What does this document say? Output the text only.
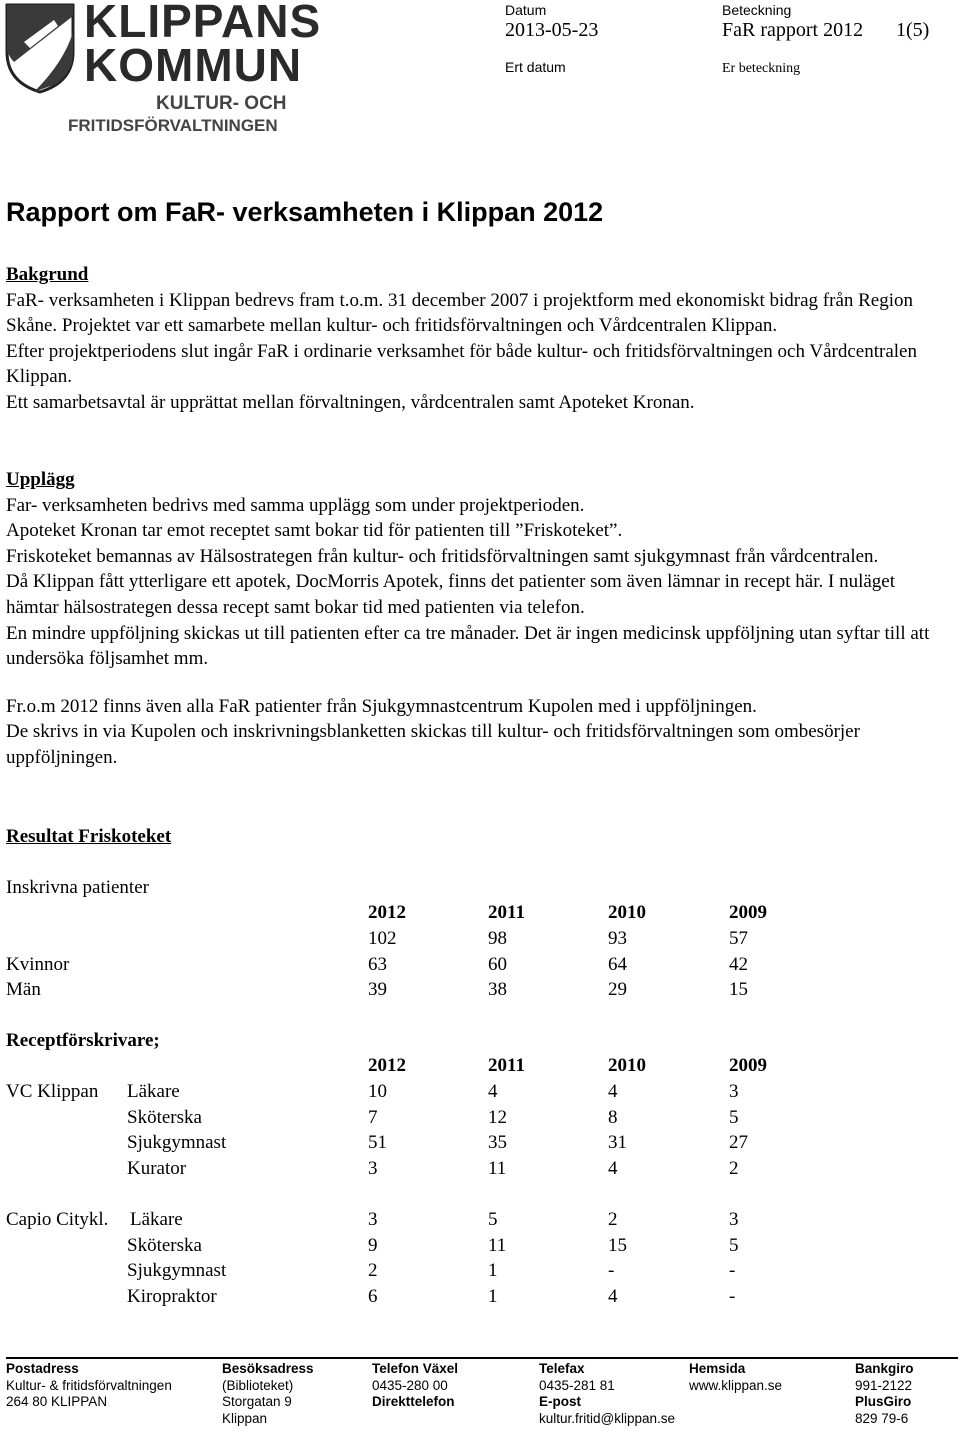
KLIPPANS
KOMMUN
KULTUR- OCH
FRITIDSFÖRVALTNINGEN
Datum
2013-05-23
Ert datum
Beteckning
FaR rapport 2012 1(5)
Er beteckning
Rapport om FaR- verksamheten i Klippan 2012
Bakgrund

FaR- verksamheten i Klippan bedrevs fram t.o.m. 31 december 2007 i projektform med ekonomiskt bidrag från Region Skåne. Projektet var ett samarbete mellan kultur- och fritidsförvaltningen och Vårdcentralen Klippan.

Efter projektperiodens slut ingår FaR i ordinarie verksamhet för både kultur- och fritidsförvaltningen och Vårdcentralen Klippan.

Ett samarbetsavtal är upprättat mellan förvaltningen, vårdcentralen samt Apoteket Kronan.

Upplägg

Far- verksamheten bedrivs med samma upplägg som under projektperioden.

Apoteket Kronan tar emot receptet samt bokar tid för patienten till ”Friskoteket”.

Friskoteket bemannas av Hälsostrategen från kultur- och fritidsförvaltningen samt sjukgymnast från vårdcentralen.

Då Klippan fått ytterligare ett apotek, DocMorris Apotek, finns det patienter som även lämnar in recept här. I nuläget hämtar hälsostrategen dessa recept samt bokar tid med patienten via telefon.

En mindre uppföljning skickas ut till patienten efter ca tre månader. Det är ingen medicinsk uppföljning utan syftar till att undersöka följsamhet mm.

Fr.o.m 2012 finns även alla FaR patienter från Sjukgymnastcentrum Kupolen med i uppföljningen.

De skrivs in via Kupolen och inskrivningsblanketten skickas till kultur- och fritidsförvaltningen som ombesörjer uppföljningen.

Resultat Friskoteket
Inskrivna patienter
2012	2011	2010	2009
102	98	93	57
Kvinnor	63	60	64	42
Män	39	38	29	15
Receptförskrivare;
2012	2011	2010	2009
VC Klippan Läkare	10	4	4	3
Sköterska	7	12	8	5
Sjukgymnast	51	35	31	27
Kurator	3	11	4	2
Capio Citykl. Läkare	3	5	2	3
Sköterska	9	11	15	5
Sjukgymnast	2	1	-	-
Kiropraktor	6	1	4	-
Postadress
Kultur- & fritidsförvaltningen
264 80 KLIPPAN
Besöksadress
(Biblioteket)
Storgatan 9
Klippan
Telefon Växel
0435-280 00
Direkttelefon
Telefax
0435-281 81
E-post
kultur.fritid@klippan.se
Hemsida
www.klippan.se
Bankgiro
991-2122
PlusGiro
829 79-6
